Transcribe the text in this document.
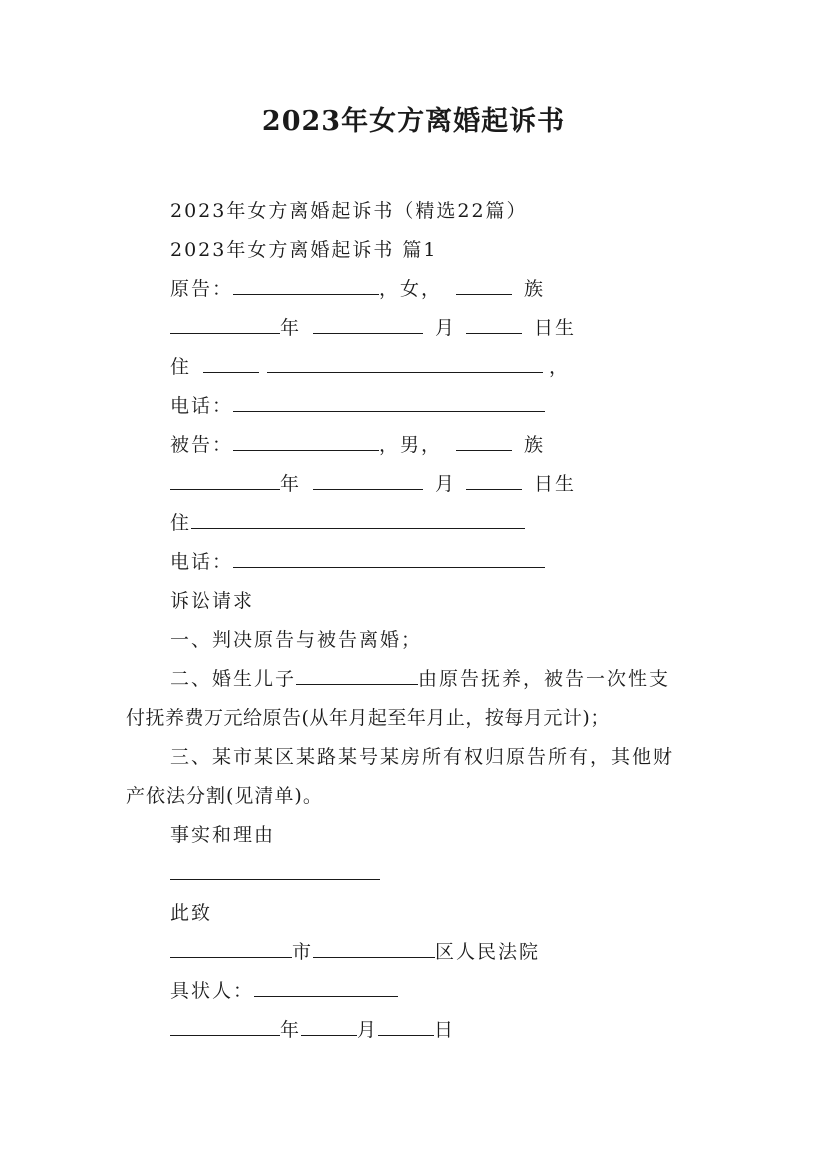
2023年女方离婚起诉书
2023年女方离婚起诉书（精选22篇）
2023年女方离婚起诉书 篇1
原告：	，女，	族
年	月	日生
住	，
电话：
被告：	，男，	族
年	月	日生
住
电话：
诉讼请求
一、判决原告与被告离婚；
二、婚生儿子	由原告抚养，被告一次性支
付抚养费万元给原告(从年月起至年月止，按每月元计)；
三、某市某区某路某号某房所有权归原告所有，其他财
产依法分割(见清单)。
事实和理由
此致
市	区人民法院
具状人：
年	月	日
